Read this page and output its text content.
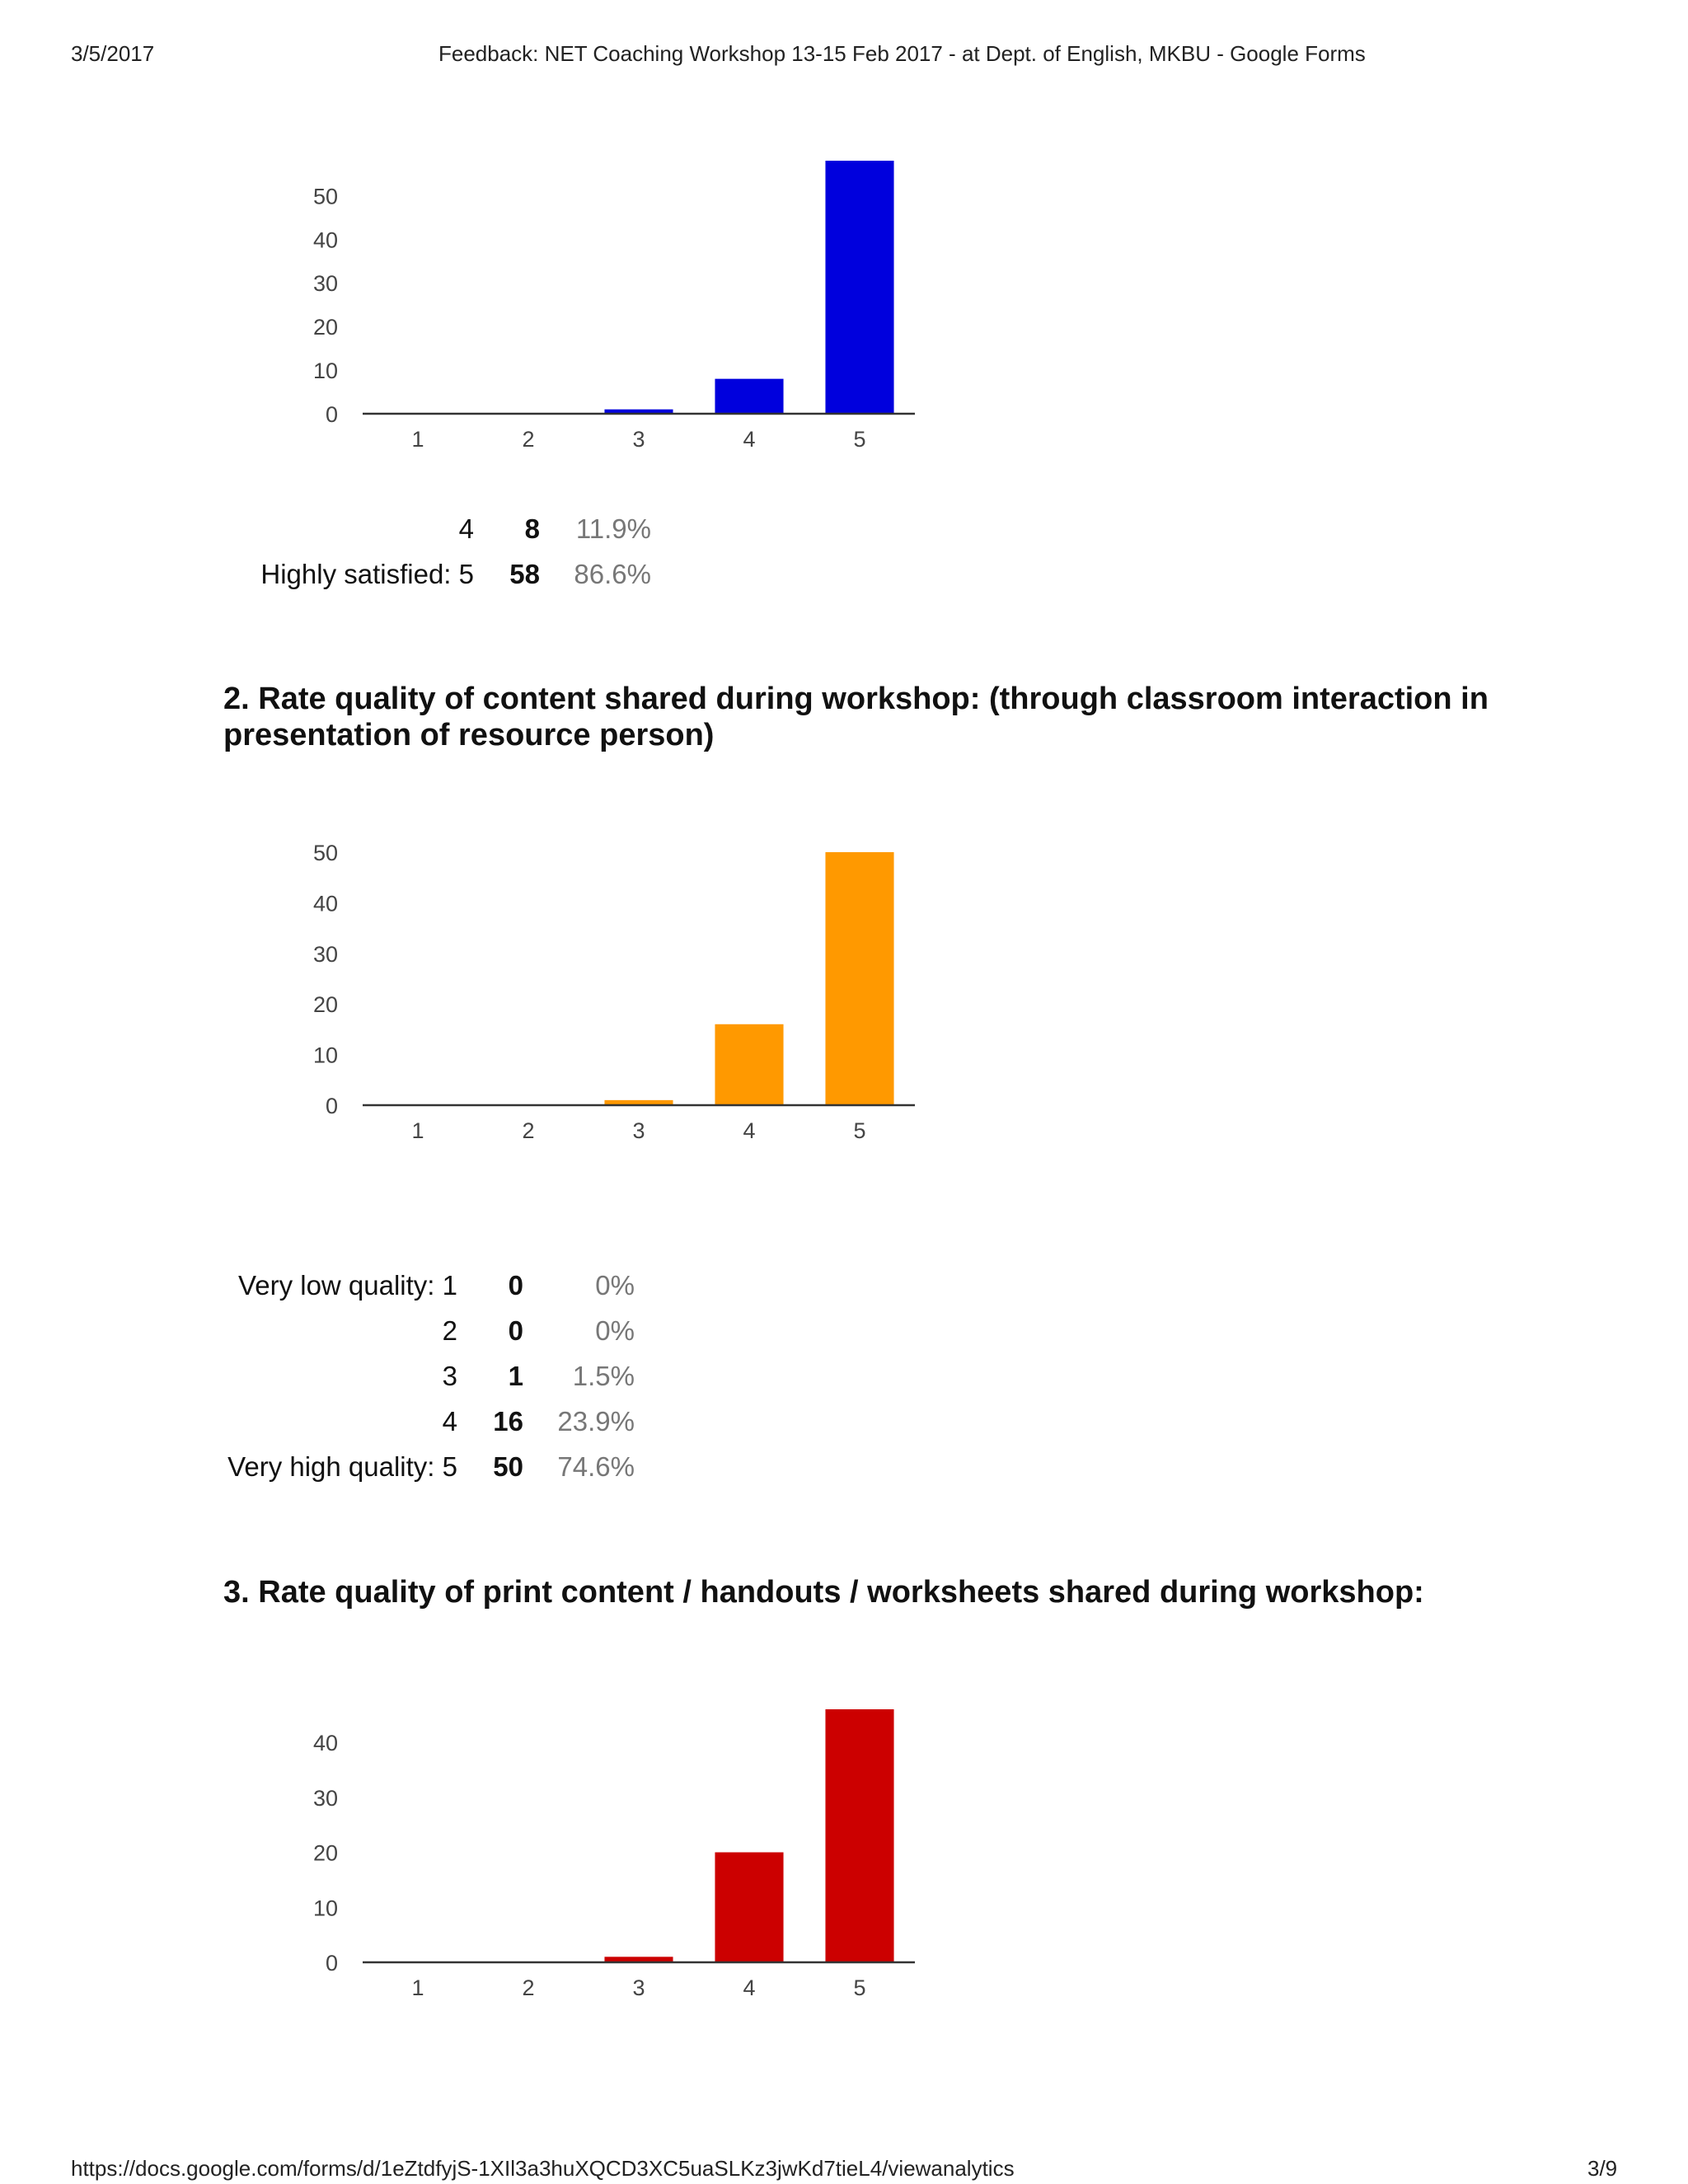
3/5/2017	Feedback: NET Coaching Workshop 13-15 Feb 2017 - at Dept. of English, MKBU - Google Forms
0
10
20
30
40
50
1	2	3	4	5
4	8	11.9%
Highly satisfied: 5	58	86.6%
2. Rate quality of content shared during workshop: (through classroom interaction in presentation of resource person)
0
10
20
30
40
50
1	2	3	4	5
Very low quality: 1	0	0%
2	0	0%
3	1	1.5%
4	16	23.9%
Very high quality: 5	50	74.6%
3. Rate quality of print content / handouts / worksheets shared during workshop:
0
10
20
30
40
1	2	3	4	5
https://docs.google.com/forms/d/1eZtdfyjS-1XIl3a3huXQCD3XC5uaSLKz3jwKd7tieL4/viewanalytics	3/9
